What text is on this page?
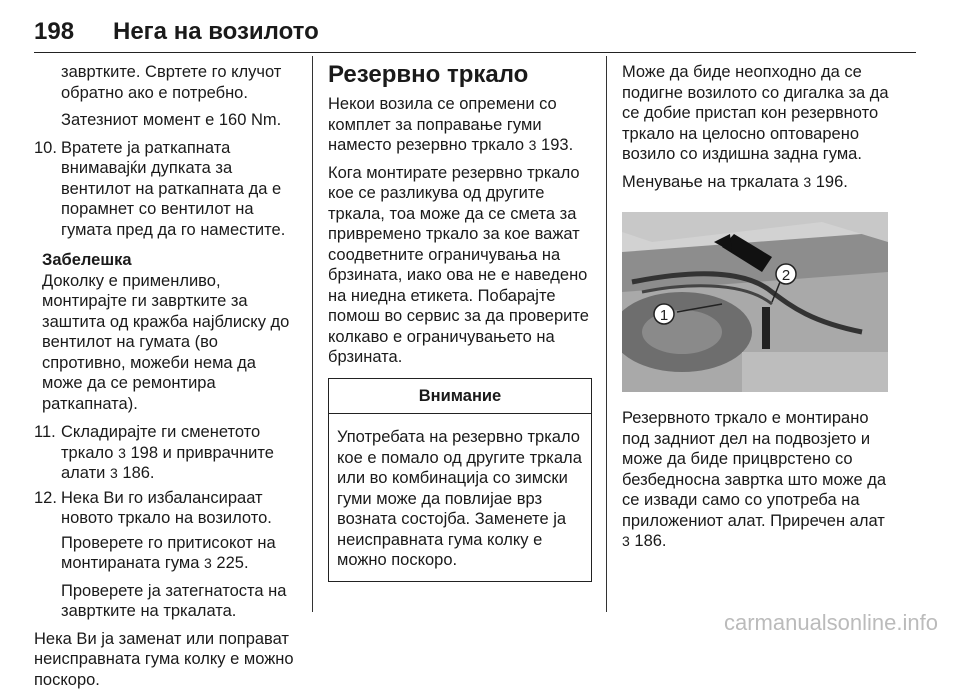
198 Нега на возилото

завртките. Свртете го клучот обратно ако е потребно.

Затезниот момент е 160 Nm.

10. Вратете ја раткапната внимавајќи дупката за вентилот на раткапната да е порамнет со вентилот на гумата пред да го наместите.
Забелешка
Доколку е применливо, монтирајте ги завртките за заштита од кражба најблиску до вентилот на гумата (во спротивно, можеби нема да може да се ремонтира раткапната).
11. Складирајте ги сменетото тркало 3 198 и приврачните алати 3 186.
12. Нека Ви го избалансираат новото тркало на возилото.

Проверете го притисокот на монтираната гума 3 225.

Проверете ја затегнатоста на завртките на тркалата.

Нека Ви ја заменат или поправат неисправната гума колку е можно поскоро.

Резервно тркало

Некои возила се опремени со комплет за поправање гуми наместо резервно тркало 3 193.

Кога монтирате резервно тркало кое се разликува од другите тркала, тоа може да се смета за привремено тркало за кое важат соодветните ограничувања на брзината, иако ова не е наведено на ниедна етикета. Побарајте помош во сервис за да проверите колкаво е ограничувањето на брзината.

Внимание
Употребата на резервно тркало кое е помало од другите тркала или во комбинација со зимски гуми може да повлијае врз возната состојба. Заменете ја неисправната гума колку е можно поскоро.

Може да биде неопходно да се подигне возилото со дигалка за да се добие пристап кон резервното тркало на целосно оптоварено возило со издишна задна гума.

Менување на тркалата 3 196.

1
2

Резервното тркало е монтирано под задниот дел на подвозјето и може да биде прицврстено со безбедносна завртка што може да се извади само со употреба на приложениот алат. Приречен алат 3 186.

carmanualsonline.info
